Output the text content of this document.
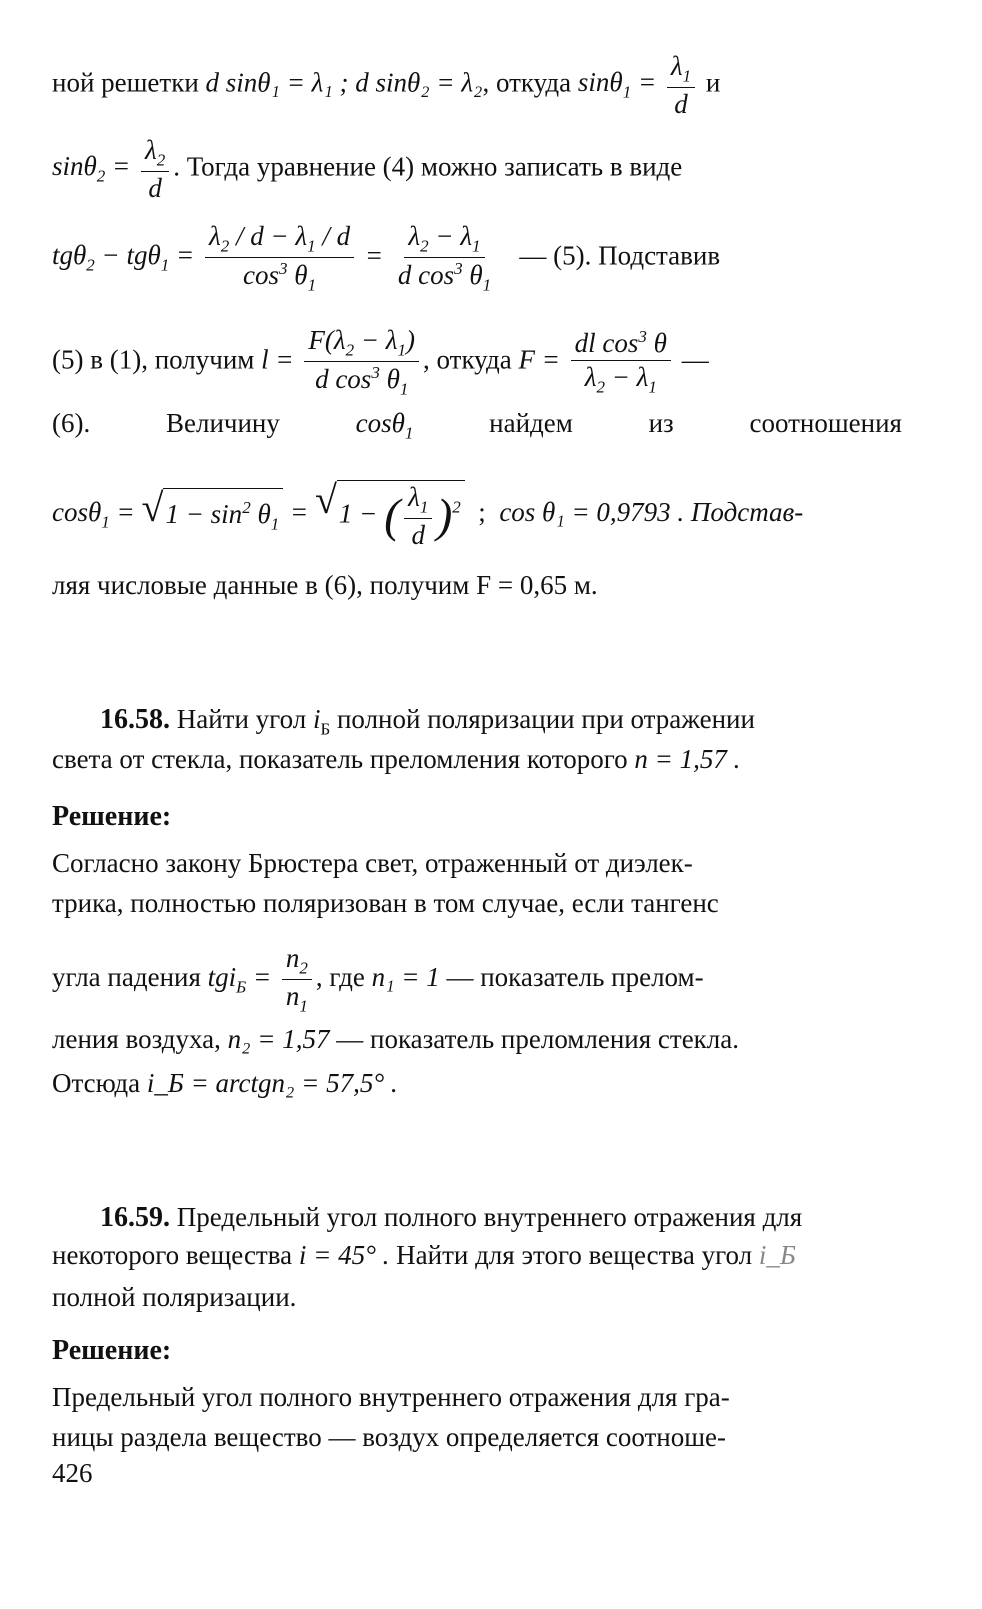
ной решетки d sinθ₁ = λ₁ ; d sinθ₂ = λ₂, откуда $\sin\theta_1 = \frac{\lambda_1}{d}$ и
$\sin\theta_2 = \frac{\lambda_2}{d}$ . Тогда уравнение (4) можно записать в виде
$tg\theta_2 - tg\theta_1 = \frac{\lambda_2 / d - \lambda_1 / d}{\cos^3 \theta_1} = \frac{\lambda_2 - \lambda_1}{d \cos^3 \theta_1}$ — (5). Подставив
(5) в (1), получим $l = \frac{F(\lambda_2 - \lambda_1)}{d \cos^3 \theta_1}$ , откуда $F = \frac{dl \cos^3 \theta}{\lambda_2 - \lambda_1}$ —
(6).	Величину	cosθ$_1$	найдем	из	соотношения
cosθ$_1$ = √ $1 - \sin^2 \theta_1$ = √ 1 − ( $\frac{\lambda_1}{d} )^2$ ; cos θ₁ = 0,9793 . Подстав-
ляя числовые данные в (6), получим F = 0,65 м.
16.58. Найти угол $i_Б$ полной поляризации при отражении
света от стекла, показатель преломления которого n = 1,57 .
Решение:
Согласно закону Брюстера свет, отраженный от диэлек-
трика, полностью поляризован в том случае, если тангенс
угла падения $tgi_Б = \frac{n_2}{n_1}$ , где n₁ = 1 — показатель прелом-
ления воздуха, n₂ = 1,57 — показатель преломления стекла.
Отсюда i_Б = arctgn₂ = 57,5° .
16.59. Предельный угол полного внутреннего отражения для
некоторого вещества i = 45° . Найти для этого вещества угол i_Б
полной поляризации.
Решение:
Предельный угол полного внутреннего отражения для гра-
ницы раздела вещество — воздух определяется соотноше-
426
